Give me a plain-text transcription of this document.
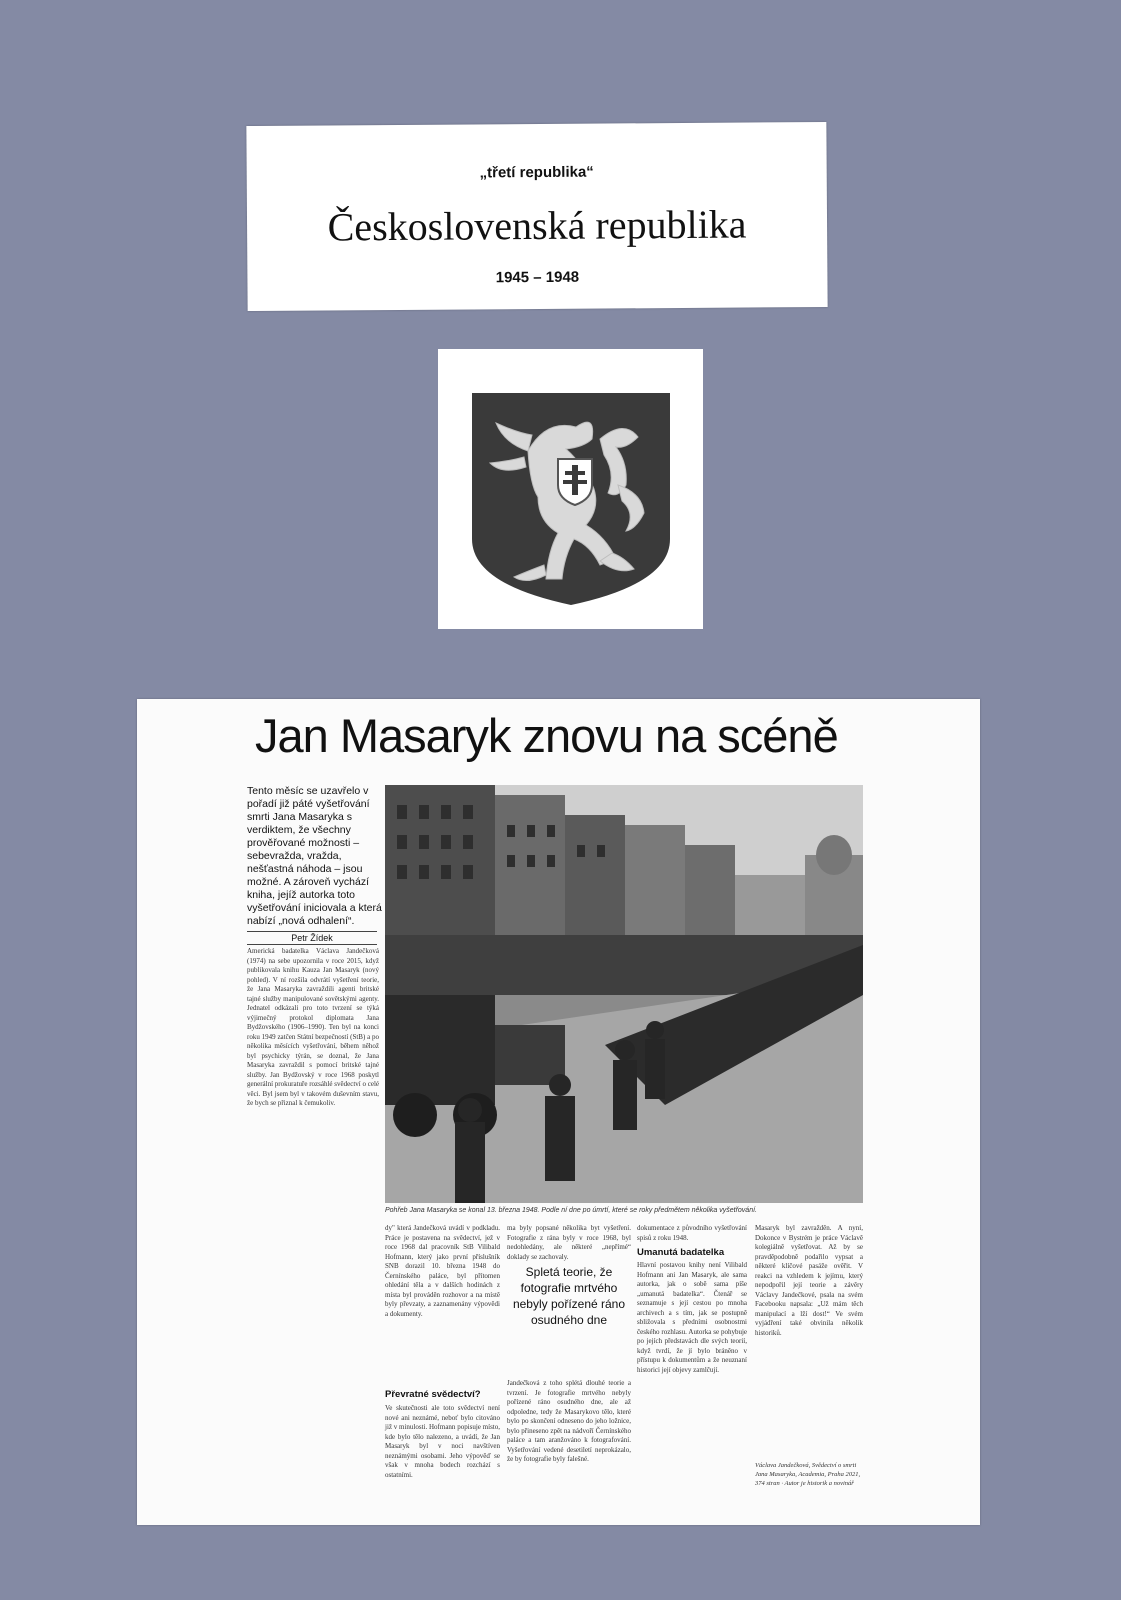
„třetí republika“
Československá republika
1945 – 1948
Jan Masaryk znovu na scéně
Tento měsíc se uzavřelo v pořadí již páté vyšetřování smrti Jana Masaryka s verdiktem, že všechny prověřované možnosti – sebevražda, vražda, nešťastná náhoda – jsou možné. A zároveň vychází kniha, jejíž autorka toto vyšetřování iniciovala a která nabízí „nová odhalení“.
Petr Žídek
Pohřeb Jana Masaryka se konal 13. března 1948. Podle ní dne po úmrtí, které se roky předmětem několika vyšetřování.
Americká badatelka Václava Jandečková (1974) na sebe upozornila v roce 2015, když publikovala knihu Kauza Jan Masaryk (nový pohled). V ní rozšila odvrátí vyšetření teorie, že Jana Masaryka zavraždili agenti britské tajné služby manipulované sovětskými agenty. Jednatel odkázali pro toto tvrzení se týká výjimečný protokol diplomata Jana Bydžovského (1906–1990). Ten byl na konci roku 1949 zatčen Státní bezpečností (StB) a po několika měsících vyšetřování, během něhož byl psychicky týrán, se doznal, že Jana Masaryka zavraždil s pomocí britské tajné služby. Jan Bydžovský v roce 1968 poskytl generální prokuratuře rozsáhlé svědectví o celé věci. Byl jsem byl v takovém duševním stavu, že bych se přiznal k čemukoliv.
dy" která Jandečková uvádí v podkladu. Práce je postavena na svědectví, jež v roce 1968 dal pracovník StB Vilibald Hofmann, který jako první příslušník SNB dorazil 10. března 1948 do Černínského paláce, byl přítomen ohledání těla a v dalších hodinách z místa byl prováděn rozhovor a na místě byly převzaty, a zaznamenány výpovědi a dokumenty.
Převratné svědectví?
Ve skutečnosti ale toto svědectví není nové ani neznámé, neboť bylo citováno již v minulosti. Hofmann popisuje místo, kde bylo tělo nalezeno, a uvádí, že Jan Masaryk byl v noci navštíven neznámými osobami. Jeho výpověď se však v mnoha bodech rozchází s ostatními.
ma byly popsané několika byt vyšetření. Fotografie z rána byly v roce 1968, byl nedohledány, ale některé „nepřímé“ doklady se zachovaly.
Spletá teorie, že fotografie mrtvého nebyly pořízené ráno osudného dne
Jandečková z toho splétá dlouhé teorie a tvrzení. Je fotografie mrtvého nebyly pořízené ráno osudného dne, ale až odpoledne, tedy že Masarykovo tělo, které bylo po skončení odneseno do jeho ložnice, bylo přineseno zpět na nádvoří Černínského paláce a tam aranžováno k fotografování. Vyšetřování vedené desetiletí neprokázalo, že by fotografie byly falešné.
dokumentace z původního vyšetřování spisů z roku 1948.
Umanutá badatelka
Hlavní postavou knihy není Vilibald Hofmann ani Jan Masaryk, ale sama autorka, jak o sobě sama píše „umanutá badatelka“. Čtenář se seznamuje s její cestou po mnoha archivech a s tím, jak se postupně sbližovala s předními osobnostmi českého rozhlasu. Autorka se pohybuje po jejích představách dle svých teorií, když tvrdí, že jí bylo bráněno v přístupu k dokumentům a že neuznaní historici její objevy zamlčují.
Masaryk byl zavražděn. A nyní, Dokonce v Bystrém je práce Václavě kolegiálně vyšetřovat. Až by se pravděpodobně podařilo vypsat a některé klíčové pasáže ověřit. V reakci na vzhledem k jejímu, který nepodpořil její teorie a závěry Václavy Jandečkové, psala na svém Facebooku napsala: „Už mám těch manipulací a lží dost!“ Ve svém vyjádření také obvinila několik historiků.
Václava Jandečková, Svědectví o smrti Jana Masaryka, Academia, Praha 2021, 374 stran · Autor je historik a novinář
